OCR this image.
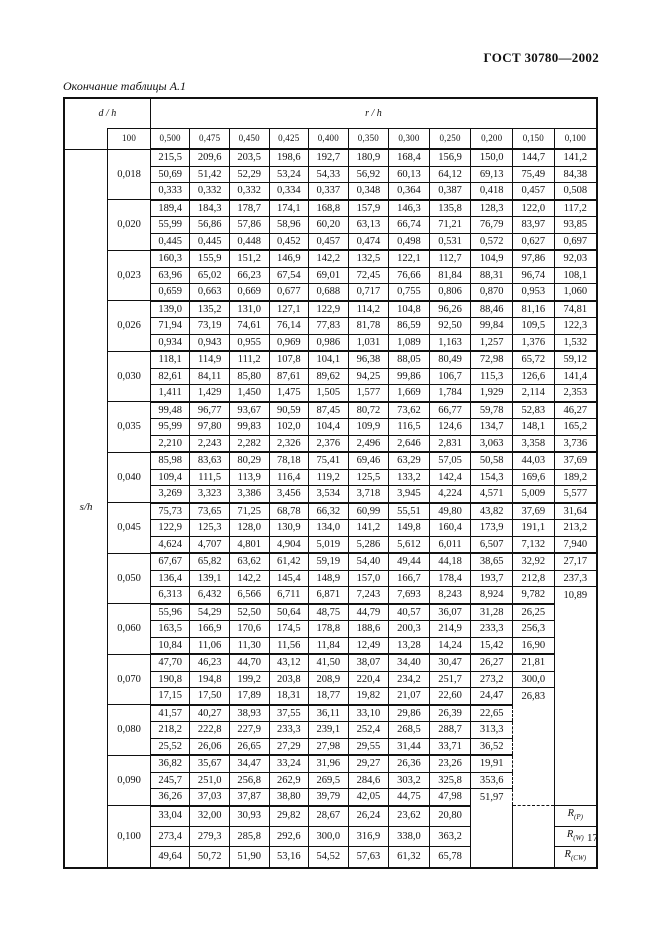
ГОСТ 30780—2002
Окончание таблицы А.1
d / h		r / h										
	100	0,500	0,475	0,450	0,425	0,400	0,350	0,300	0,250	0,200	0,150	0,100
s/h	0,018	215,5	209,6	203,5	198,6	192,7	180,9	168,4	156,9	150,0	144,7	141,2
		50,69	51,42	52,29	53,24	54,33	56,92	60,13	64,12	69,13	75,49	84,38
		0,333	0,332	0,332	0,334	0,337	0,348	0,364	0,387	0,418	0,457	0,508
	0,020	189,4	184,3	178,7	174,1	168,8	157,9	146,3	135,8	128,3	122,0	117,2
		55,99	56,86	57,86	58,96	60,20	63,13	66,74	71,21	76,79	83,97	93,85
		0,445	0,445	0,448	0,452	0,457	0,474	0,498	0,531	0,572	0,627	0,697
	0,023	160,3	155,9	151,2	146,9	142,2	132,5	122,1	112,7	104,9	97,86	92,03
		63,96	65,02	66,23	67,54	69,01	72,45	76,66	81,84	88,31	96,74	108,1
		0,659	0,663	0,669	0,677	0,688	0,717	0,755	0,806	0,870	0,953	1,060
	0,026	139,0	135,2	131,0	127,1	122,9	114,2	104,8	96,26	88,46	81,16	74,81
		71,94	73,19	74,61	76,14	77,83	81,78	86,59	92,50	99,84	109,5	122,3
		0,934	0,943	0,955	0,969	0,986	1,031	1,089	1,163	1,257	1,376	1,532
	0,030	118,1	114,9	111,2	107,8	104,1	96,38	88,05	80,49	72,98	65,72	59,12
		82,61	84,11	85,80	87,61	89,62	94,25	99,86	106,7	115,3	126,6	141,4
		1,411	1,429	1,450	1,475	1,505	1,577	1,669	1,784	1,929	2,114	2,353
	0,035	99,48	96,77	93,67	90,59	87,45	80,72	73,62	66,77	59,78	52,83	46,27
		95,99	97,80	99,83	102,0	104,4	109,9	116,5	124,6	134,7	148,1	165,2
		2,210	2,243	2,282	2,326	2,376	2,496	2,646	2,831	3,063	3,358	3,736
	0,040	85,98	83,63	80,29	78,18	75,41	69,46	63,29	57,05	50,58	44,03	37,69
		109,4	111,5	113,9	116,4	119,2	125,5	133,2	142,4	154,3	169,6	189,2
		3,269	3,323	3,386	3,456	3,534	3,718	3,945	4,224	4,571	5,009	5,577
	0,045	75,73	73,65	71,25	68,78	66,32	60,99	55,51	49,80	43,82	37,69	31,64
		122,9	125,3	128,0	130,9	134,0	141,2	149,8	160,4	173,9	191,1	213,2
		4,624	4,707	4,801	4,904	5,019	5,286	5,612	6,011	6,507	7,132	7,940
	0,050	67,67	65,82	63,62	61,42	59,19	54,40	49,44	44,18	38,65	32,92	27,17
		136,4	139,1	142,2	145,4	148,9	157,0	166,7	178,4	193,7	212,8	237,3
		6,313	6,432	6,566	6,711	6,871	7,243	7,693	8,243	8,924	9,782	10,89
	0,060	55,96	54,29	52,50	50,64	48,75	44,79	40,57	36,07	31,28	26,25	
		163,5	166,9	170,6	174,5	178,8	188,6	200,3	214,9	233,3	256,3	
		10,84	11,06	11,30	11,56	11,84	12,49	13,28	14,24	15,42	16,90	
	0,070	47,70	46,23	44,70	43,12	41,50	38,07	34,40	30,47	26,27	21,81	
		190,8	194,8	199,2	203,8	208,9	220,4	234,2	251,7	273,2	300,0	
		17,15	17,50	17,89	18,31	18,77	19,82	21,07	22,60	24,47	26,83	
	0,080	41,57	40,27	38,93	37,55	36,11	33,10	29,86	26,39	22,65		
		218,2	222,8	227,9	233,3	239,1	252,4	268,5	288,7	313,3		
		25,52	26,06	26,65	27,29	27,98	29,55	31,44	33,71	36,52		
	0,090	36,82	35,67	34,47	33,24	31,96	29,27	26,36	23,26	19,91		
		245,7	251,0	256,8	262,9	269,5	284,6	303,2	325,8	353,6		
		36,26	37,03	37,87	38,80	39,79	42,05	44,75	47,98	51,97		
	0,100	33,04	32,00	30,93	29,82	28,67	26,24	23,62	20,80			$R_{(P)}$
		273,4	279,3	285,8	292,6	300,0	316,9	338,0	363,2			$R_{(W)}$
		49,64	50,72	51,90	53,16	54,52	57,63	61,32	65,78			$R_{(CW)}$
17
